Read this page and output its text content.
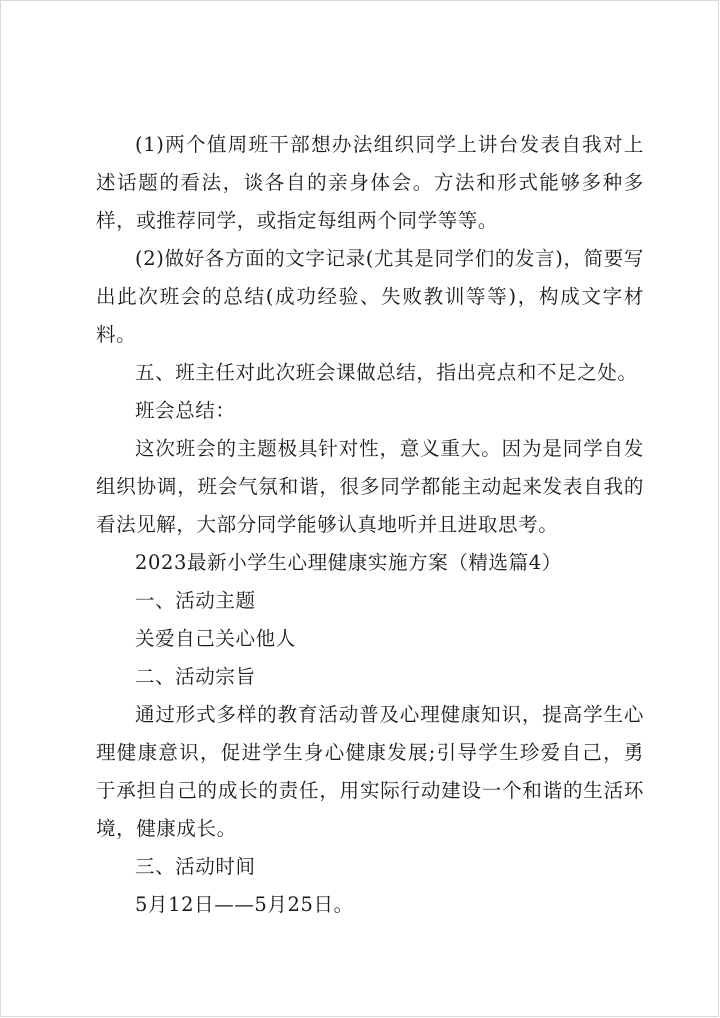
(1)两个值周班干部想办法组织同学上讲台发表自我对上述话题的看法，谈各自的亲身体会。方法和形式能够多种多样，或推荐同学，或指定每组两个同学等等。

(2)做好各方面的文字记录(尤其是同学们的发言)，简要写出此次班会的总结(成功经验、失败教训等等)，构成文字材料。

五、班主任对此次班会课做总结，指出亮点和不足之处。

班会总结：

这次班会的主题极具针对性，意义重大。因为是同学自发组织协调，班会气氛和谐，很多同学都能主动起来发表自我的看法见解，大部分同学能够认真地听并且进取思考。

2023最新小学生心理健康实施方案（精选篇4）

一、活动主题

关爱自己关心他人

二、活动宗旨

通过形式多样的教育活动普及心理健康知识，提高学生心理健康意识，促进学生身心健康发展;引导学生珍爱自己，勇于承担自己的成长的责任，用实际行动建设一个和谐的生活环境，健康成长。

三、活动时间

5月12日——5月25日。
